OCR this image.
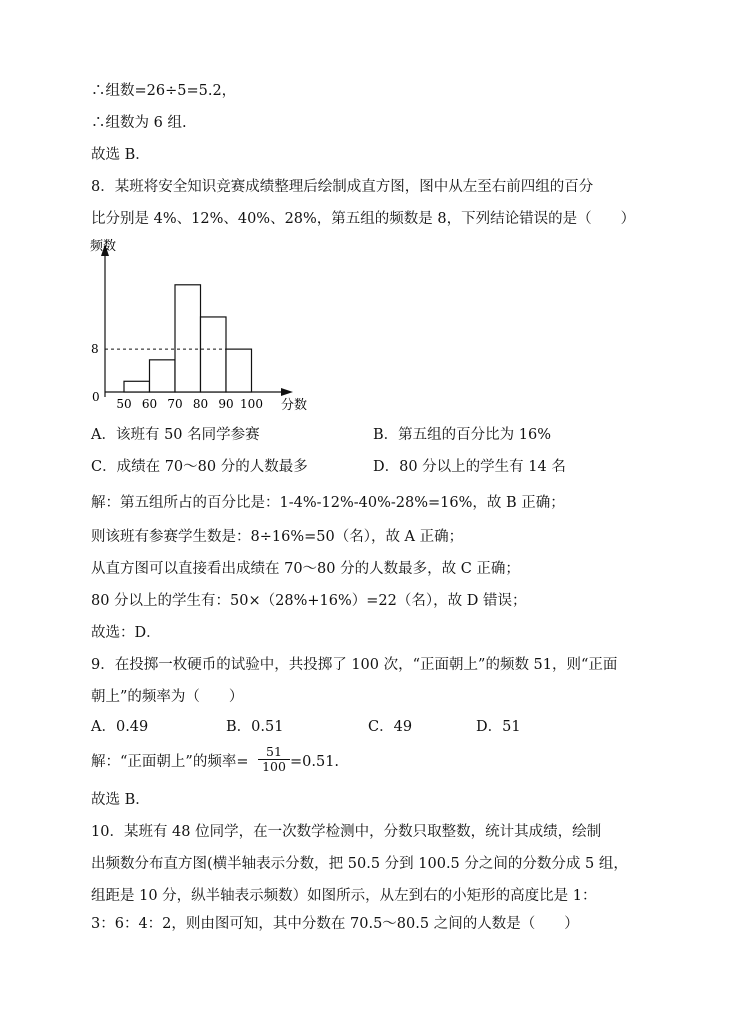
∴组数=26÷5=5.2，
∴组数为 6 组.
故选 B．
8．某班将安全知识竞赛成绩整理后绘制成直方图，图中从左至右前四组的百分
比分别是 4%、12%、40%、28%，第五组的频数是 8，下列结论错误的是（　　）
频数
分数
0
8
50 60 70 80 90 100
A．该班有 50 名同学参赛	B．第五组的百分比为 16%
C．成绩在 70～80 分的人数最多	D．80 分以上的学生有 14 名
解：第五组所占的百分比是：1-4%-12%-40%-28%=16%，故 B 正确；
则该班有参赛学生数是：8÷16%=50（名），故 A 正确；
从直方图可以直接看出成绩在 70～80 分的人数最多，故 C 正确；
80 分以上的学生有：50×（28%+16%）=22（名），故 D 错误；
故选：D．
9．在投掷一枚硬币的试验中，共投掷了 100 次，“正面朝上”的频数 51，则“正面
朝上”的频率为（　　）
A．0.49	B．0.51	C．49	D．51
解：“正面朝上”的频率= $\frac{51}{100} =0.51$.
故选 B．
10．某班有 48 位同学，在一次数学检测中，分数只取整数，统计其成绩，绘制
出频数分布直方图(横半轴表示分数，把 50.5 分到 100.5 分之间的分数分成 5 组，
组距是 10 分，纵半轴表示频数）如图所示，从左到右的小矩形的高度比是 1：
3：6：4：2，则由图可知，其中分数在 70.5～80.5 之间的人数是（　　）
